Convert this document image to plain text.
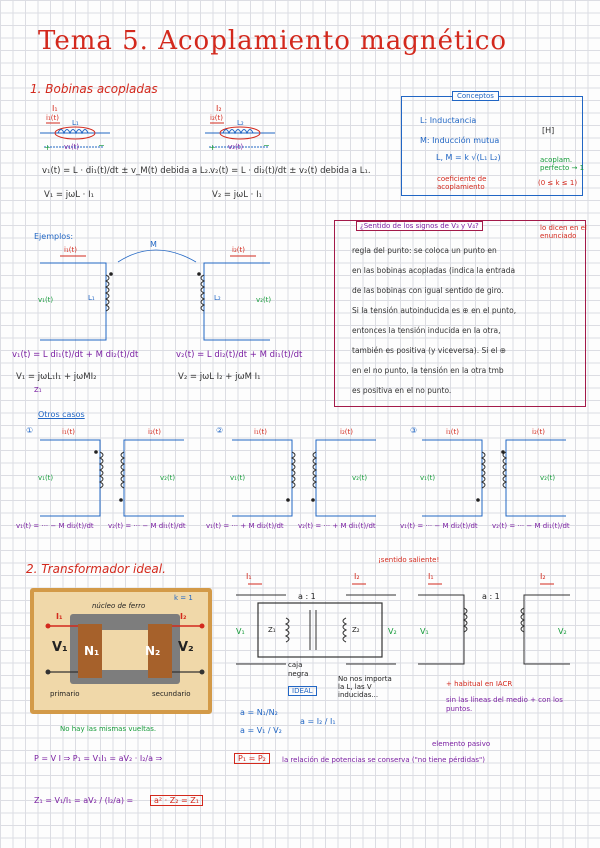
Tema 5. Acoplamiento magnético
1. Bobinas acopladas
I₁
i₁(t)
L₁
+ v₁(t) −
I₂
i₂(t)
L₂
+ v₂(t) −
v₁(t) = L · di₁(t)/dt ± v_M(t) debida a L₂.
V₁ = jωL · I₁
v₂(t) = L · di₂(t)/dt ± v₂(t) debida a L₁.
V₂ = jωL · I₁
Conceptos
L: Inductancia
M: Inducción mutua
L, M = k √(L₁ L₂)
[H]
coeficiente de acoplamiento	(0 ≤ k ≤ 1)
acoplam. perfecto → 1
Ejemplos:
M
i₁(t)	i₂(t)
v₁(t)	L₁	v₂(t)
L₂
v₁(t) = L di₁(t)/dt + M di₂(t)/dt
V₁ = jωL₁I₁ + jωMI₂
Z₁
v₂(t) = L di₂(t)/dt + M di₁(t)/dt
V₂ = jωL I₂ + jωM I₁
¿Sentido de los signos de V₃ y V₄?	lo dicen en el enunciado
regla del punto: se coloca un punto en
en las bobinas acopladas (indica la entrada
de las bobinas con igual sentido de giro.
Si la tensión autoinducida es ⊕ en el punto,
entonces la tensión inducida en la otra,
también es positiva (y viceversa). Si el ⊕
en el no punto, la tensión en la otra tmb
es positiva en el no punto.
Otros casos
①	②	③
i₁(t)	i₂(t)	i₁(t)	i₂(t)	i₁(t)	i₂(t)
v₁(t)	v₂(t)	v₁(t)	v₂(t)	v₁(t)	v₂(t)
v₁(t) = ··· − M di₂(t)/dt v₂(t) = ··· − M di₁(t)/dt	v₁(t) = ··· + M di₂(t)/dt v₂(t) = ··· + M di₁(t)/dt	v₁(t) = ··· − M di₂(t)/dt v₂(t) = ··· − M di₁(t)/dt
2. Transformador ideal.
núcleo de ferro
k = 1
I₁	I₂
V₁	V₂
N₁	N₂
primario	secundario
No hay las mismas vueltas.
I₁	I₂	I₁	I₂
a : 1	a : 1
Z₁	Z₂
V₁	V₂	V₁	V₂
¡sentido saliente!
caja negra
No nos importa la L, las V inducidas...
IDEAL
a = N₁/N₂
a = I₂ / I₁
a = V₁ / V₂
+ habitual en IACR
sin las líneas del medio + con los puntos.
elemento pasivo
P = V I ⇒ P₁ = V₁I₁ = aV₂ · I₂/a ⇒	P₁ = P₂	la relación de potencias se conserva ("no tiene pérdidas")
Z₁ = V₁/I₁ = aV₂ / (I₂/a) =	a² · Z₂ = Z₁
